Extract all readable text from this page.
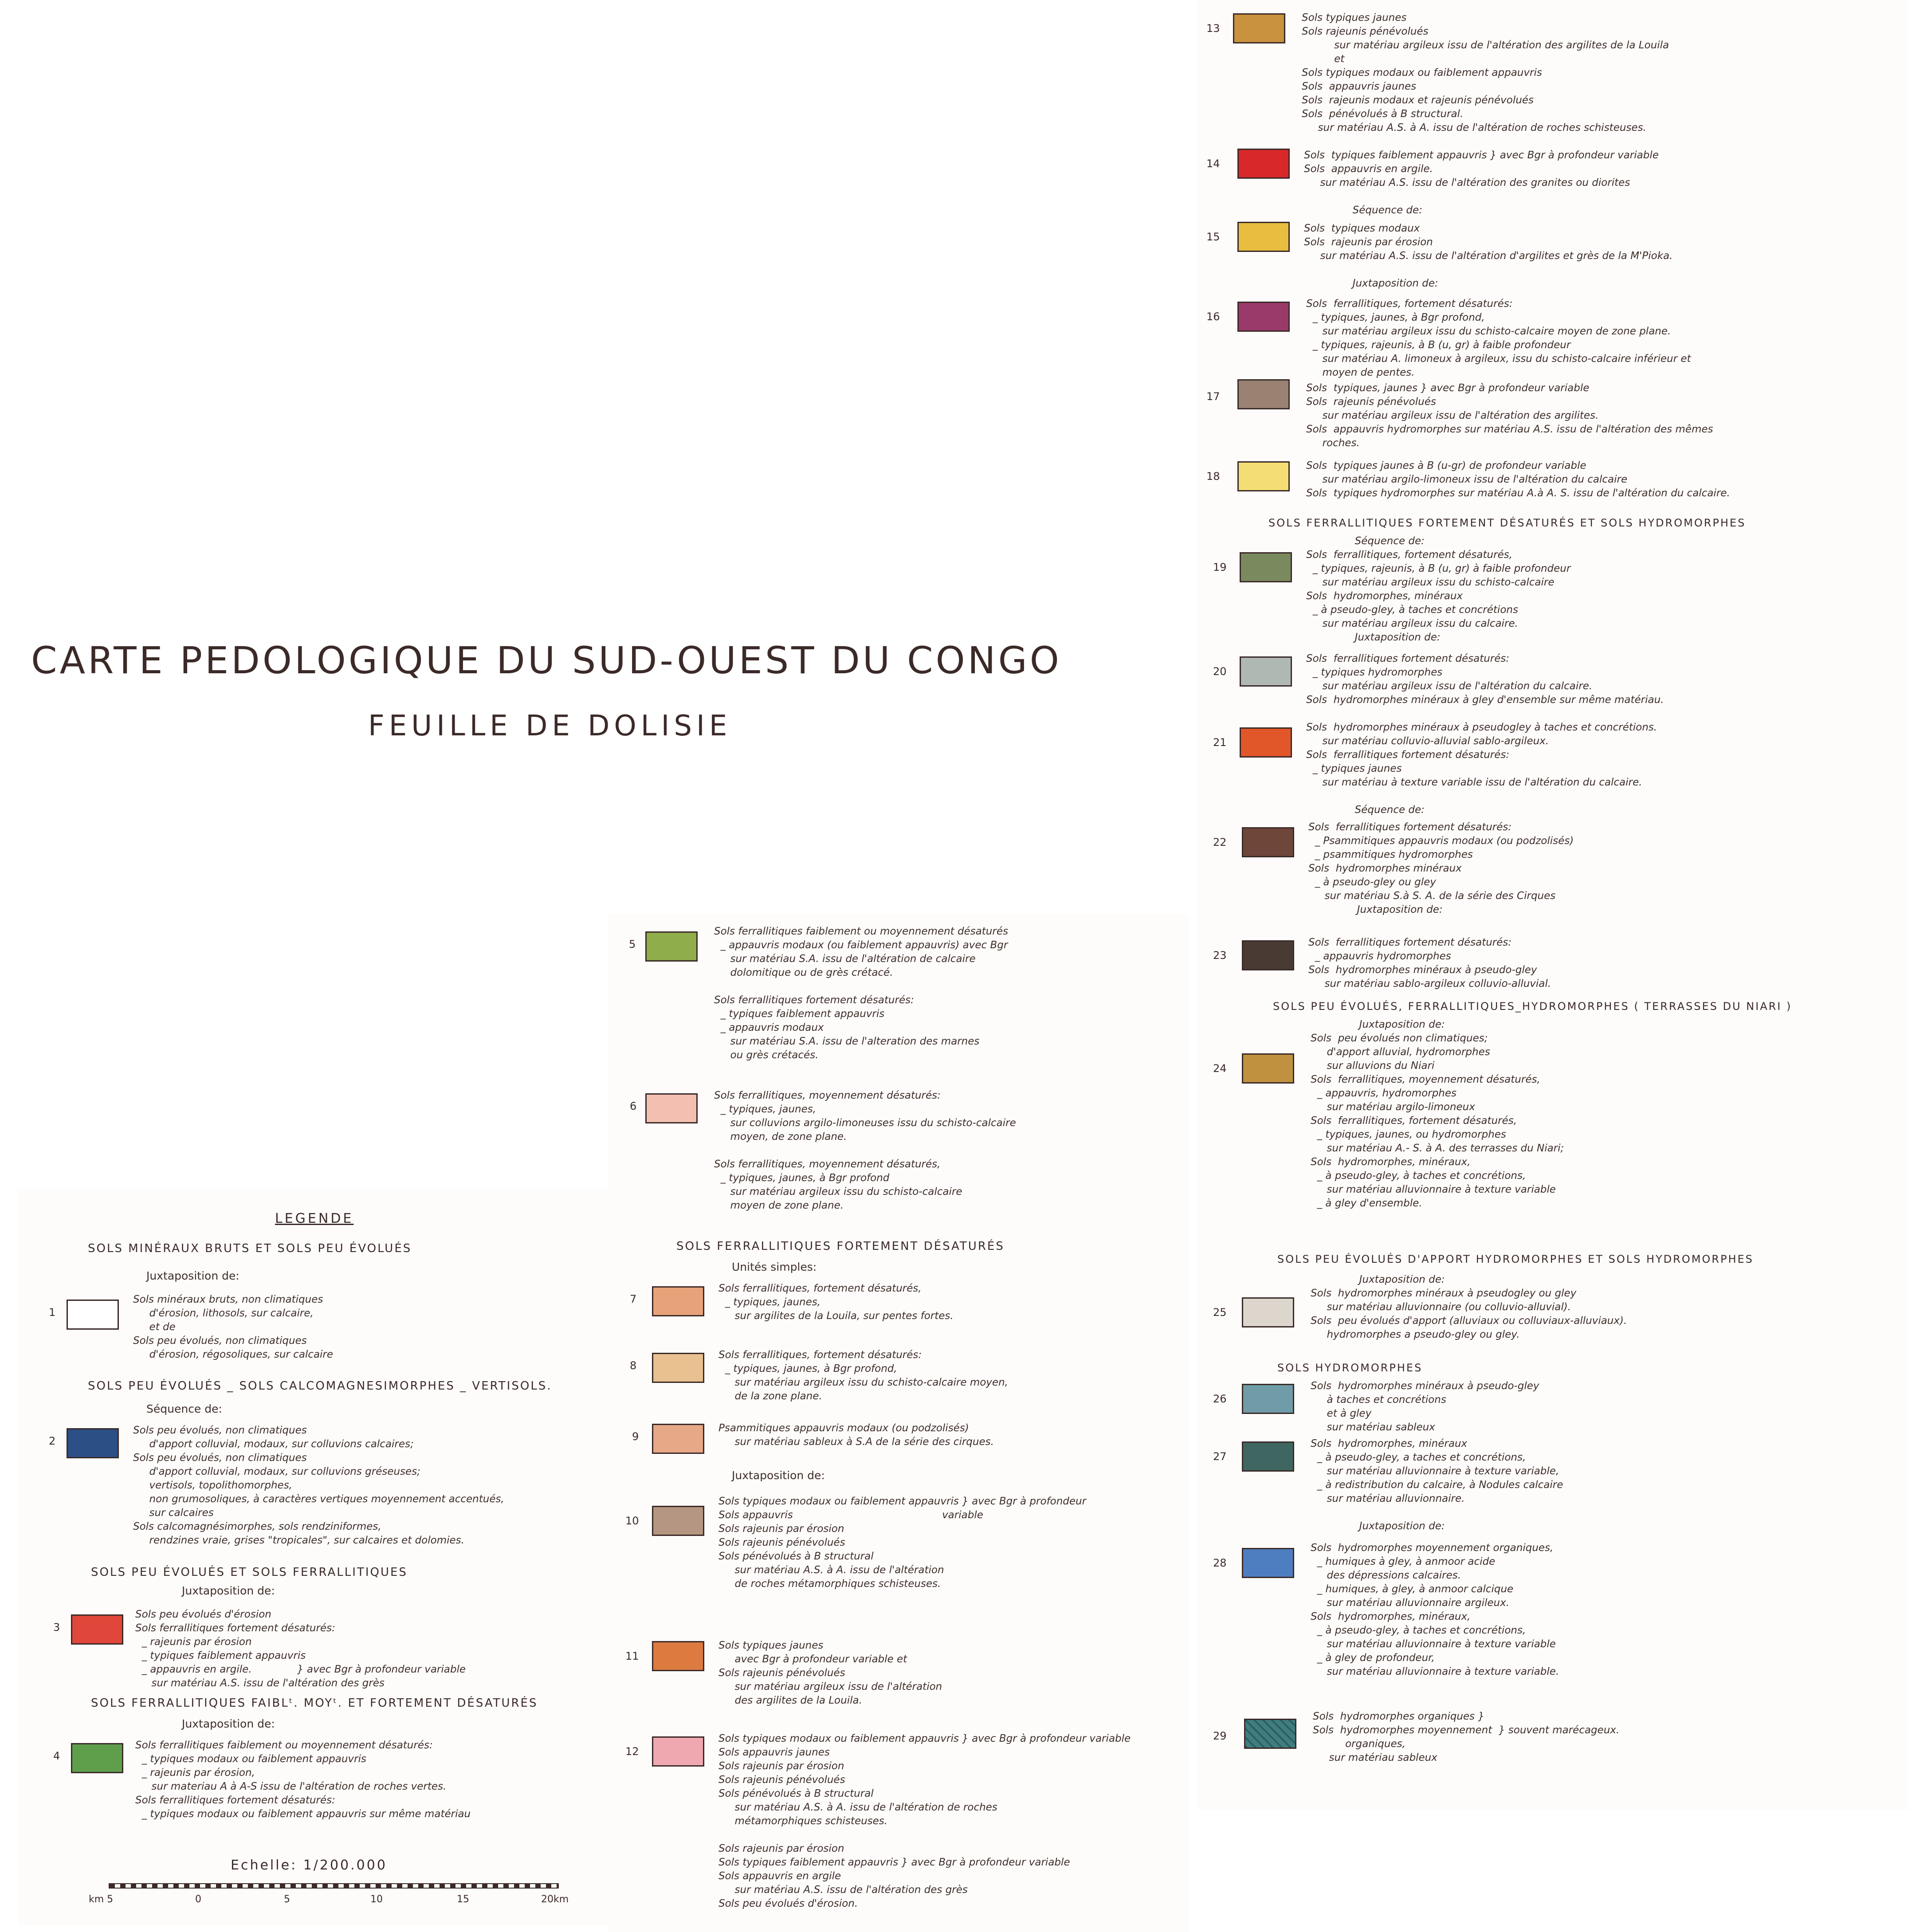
CARTE PEDOLOGIQUE DU SUD-OUEST DU CONGO
FEUILLE DE DOLISIE
LEGENDE
SOLS MINÉRAUX BRUTS ET SOLS PEU ÉVOLUÉS
Juxtaposition de:
1
Sols minéraux bruts, non climatiques
d'érosion, lithosols, sur calcaire,
et de
Sols peu évolués, non climatiques
d'érosion, régosoliques, sur calcaire
SOLS PEU ÉVOLUÉS _ SOLS CALCOMAGNESIMORPHES _ VERTISOLS.
Séquence de:
2
Sols peu évolués, non climatiques
d'apport colluvial, modaux, sur colluvions calcaires;
Sols peu évolués, non climatiques
d'apport colluvial, modaux, sur colluvions gréseuses;
vertisols, topolithomorphes,
non grumosoliques, à caractères vertiques moyennement accentués,
sur calcaires
Sols calcomagnésimorphes, sols rendziniformes,
rendzines vraie, grises "tropicales", sur calcaires et dolomies.
SOLS PEU ÉVOLUÉS ET SOLS FERRALLITIQUES
Juxtaposition de:
3
Sols peu évolués d'érosion
Sols ferrallitiques fortement désaturés:
_ rajeunis par érosion
_ typiques faiblement appauvris
_ appauvris en argile.              } avec Bgr à profondeur variable
sur matériau A.S. issu de l'altération des grès
SOLS FERRALLITIQUES FAIBLᵗ. MOYᵗ. ET FORTEMENT DÉSATURÉS
Juxtaposition de:
4
Sols ferrallitiques faiblement ou moyennement désaturés:
_ typiques modaux ou faiblement appauvris
_ rajeunis par érosion,
sur materiau A à A-S issu de l'altération de roches vertes.
Sols ferrallitiques fortement désaturés:
_ typiques modaux ou faiblement appauvris sur même matériau
Echelle: 1/200.000
km 5	0	5	10	15	20km
5
Sols ferrallitiques faiblement ou moyennement désaturés
_ appauvris modaux (ou faiblement appauvris) avec Bgr
sur matériau S.A. issu de l'altération de calcaire
dolomitique ou de grès crétacé.

Sols ferrallitiques fortement désaturés:
_ typiques faiblement appauvris
_ appauvris modaux
sur matériau S.A. issu de l'alteration des marnes
ou grès crétacés.
6
Sols ferrallitiques, moyennement désaturés:
_ typiques, jaunes,
sur colluvions argilo-limoneuses issu du schisto-calcaire
moyen, de zone plane.

Sols ferrallitiques, moyennement désaturés,
_ typiques, jaunes, à Bgr profond
sur matériau argileux issu du schisto-calcaire
moyen de zone plane.
SOLS FERRALLITIQUES FORTEMENT DÉSATURÉS
Unités simples:
7
Sols ferrallitiques, fortement désaturés,
_ typiques, jaunes,
sur argilites de la Louila, sur pentes fortes.
8
Sols ferrallitiques, fortement désaturés:
_ typiques, jaunes, à Bgr profond,
sur matériau argileux issu du schisto-calcaire moyen,
de la zone plane.
9
Psammitiques appauvris modaux (ou podzolisés)
sur matériau sableux à S.A de la série des cirques.
Juxtaposition de:
10
Sols typiques modaux ou faiblement appauvris } avec Bgr à profondeur
Sols appauvris                                              variable
Sols rajeunis par érosion
Sols rajeunis pénévolués
Sols pénévolués à B structural
sur matériau A.S. à A. issu de l'altération
de roches métamorphiques schisteuses.
11
Sols typiques jaunes
avec Bgr à profondeur variable et
Sols rajeunis pénévolués
sur matériau argileux issu de l'altération
des argilites de la Louila.
12
Sols typiques modaux ou faiblement appauvris } avec Bgr à profondeur variable
Sols appauvris jaunes
Sols rajeunis par érosion
Sols rajeunis pénévolués
Sols pénévolués à B structural
sur matériau A.S. à A. issu de l'altération de roches
métamorphiques schisteuses.

Sols rajeunis par érosion
Sols typiques faiblement appauvris } avec Bgr à profondeur variable
Sols appauvris en argile
sur matériau A.S. issu de l'altération des grès
Sols peu évolués d'érosion.
13
Sols typiques jaunes
Sols rajeunis pénévolués
sur matériau argileux issu de l'altération des argilites de la Louila
et
Sols typiques modaux ou faiblement appauvris
Sols  appauvris jaunes
Sols  rajeunis modaux et rajeunis pénévolués
Sols  pénévolués à B structural.
sur matériau A.S. à A. issu de l'altération de roches schisteuses.
14
Sols  typiques faiblement appauvris } avec Bgr à profondeur variable
Sols  appauvris en argile.
sur matériau A.S. issu de l'altération des granites ou diorites

Séquence de:
15
Sols  typiques modaux
Sols  rajeunis par érosion
sur matériau A.S. issu de l'altération d'argilites et grès de la M'Pioka.

Juxtaposition de:
16
Sols  ferrallitiques, fortement désaturés:
_ typiques, jaunes, à Bgr profond,
sur matériau argileux issu du schisto-calcaire moyen de zone plane.
_ typiques, rajeunis, à B (u, gr) à faible profondeur
sur matériau A. limoneux à argileux, issu du schisto-calcaire inférieur et
moyen de pentes.
17
Sols  typiques, jaunes } avec Bgr à profondeur variable
Sols  rajeunis pénévolués
sur matériau argileux issu de l'altération des argilites.
Sols  appauvris hydromorphes sur matériau A.S. issu de l'altération des mêmes
roches.
18
Sols  typiques jaunes à B (u-gr) de profondeur variable
sur matériau argilo-limoneux issu de l'altération du calcaire
Sols  typiques hydromorphes sur matériau A.à A. S. issu de l'altération du calcaire.
SOLS FERRALLITIQUES FORTEMENT DÉSATURÉS ET SOLS HYDROMORPHES
19
Séquence de:
Sols  ferrallitiques, fortement désaturés,
_ typiques, rajeunis, à B (u, gr) à faible profondeur
sur matériau argileux issu du schisto-calcaire
Sols  hydromorphes, minéraux
_ à pseudo-gley, à taches et concrétions
sur matériau argileux issu du calcaire.
Juxtaposition de:
20
Sols  ferrallitiques fortement désaturés:
_ typiques hydromorphes
sur matériau argileux issu de l'altération du calcaire.
Sols  hydromorphes minéraux à gley d'ensemble sur même matériau.
21
Sols  hydromorphes minéraux à pseudogley à taches et concrétions.
sur matériau colluvio-alluvial sablo-argileux.
Sols  ferrallitiques fortement désaturés:
_ typiques jaunes
sur matériau à texture variable issu de l'altération du calcaire.

Séquence de:
22
Sols  ferrallitiques fortement désaturés:
_ Psammitiques appauvris modaux (ou podzolisés)
_ psammitiques hydromorphes
Sols  hydromorphes minéraux
_ à pseudo-gley ou gley
sur matériau S.à S. A. de la série des Cirques
Juxtaposition de:
23
Sols  ferrallitiques fortement désaturés:
_ appauvris hydromorphes
Sols  hydromorphes minéraux à pseudo-gley
sur matériau sablo-argileux colluvio-alluvial.
SOLS PEU ÉVOLUÉS, FERRALLITIQUES_HYDROMORPHES ( TERRASSES DU NIARI )
24
Juxtaposition de:
Sols  peu évolués non climatiques;
d'apport alluvial, hydromorphes
sur alluvions du Niari
Sols  ferrallitiques, moyennement désaturés,
_ appauvris, hydromorphes
sur matériau argilo-limoneux
Sols  ferrallitiques, fortement désaturés,
_ typiques, jaunes, ou hydromorphes
sur matériau A.- S. à A. des terrasses du Niari;
Sols  hydromorphes, minéraux,
_ à pseudo-gley, à taches et concrétions,
sur matériau alluvionnaire à texture variable
_ à gley d'ensemble.
SOLS PEU ÉVOLUÉS D'APPORT HYDROMORPHES ET SOLS HYDROMORPHES
25
Juxtaposition de:
Sols  hydromorphes minéraux à pseudogley ou gley
sur matériau alluvionnaire (ou colluvio-alluvial).
Sols  peu évolués d'apport (alluviaux ou colluviaux-alluviaux).
hydromorphes a pseudo-gley ou gley.
SOLS HYDROMORPHES
26
Sols  hydromorphes minéraux à pseudo-gley
à taches et concrétions
et à gley
sur matériau sableux
27
Sols  hydromorphes, minéraux
_ à pseudo-gley, a taches et concrétions,
sur matériau alluvionnaire à texture variable,
_ à redistribution du calcaire, à Nodules calcaire
sur matériau alluvionnaire.

Juxtaposition de:
28
Sols  hydromorphes moyennement organiques,
_ humiques à gley, à anmoor acide
des dépressions calcaires.
_ humiques, à gley, à anmoor calcique
sur matériau alluvionnaire argileux.
Sols  hydromorphes, minéraux,
_ à pseudo-gley, à taches et concrétions,
sur matériau alluvionnaire à texture variable
_ à gley de profondeur,
sur matériau alluvionnaire à texture variable.
29
Sols  hydromorphes organiques }
Sols  hydromorphes moyennement  } souvent marécageux.
organiques,
sur matériau sableux
